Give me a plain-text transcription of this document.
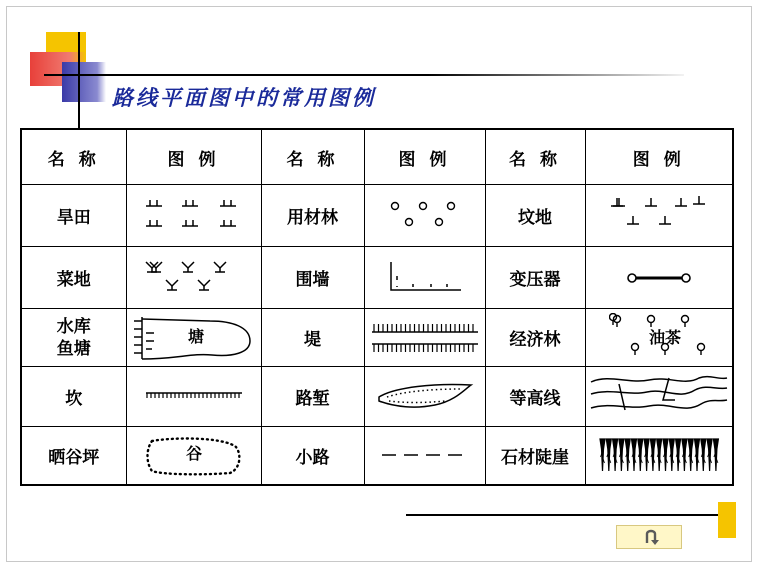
路线平面图中的常用图例
名 称	图 例	名 称	图 例	名 称	图 例
旱田		用材林		坟地	

菜地		围墙		变压器	

水库
鱼塘	塘	堤		经济林	油茶

坎		路堑		等高线	

晒谷坪	谷	小路		石材陡崖	
